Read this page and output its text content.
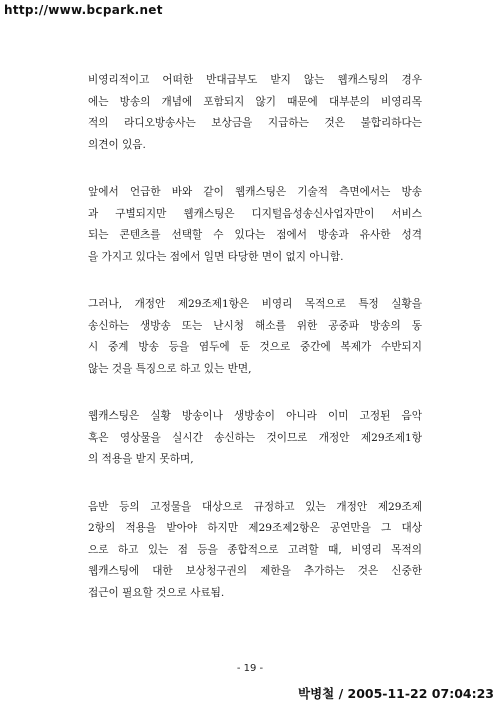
http://www.bcpark.net
비영리적이고 어떠한 반대급부도 받지 않는 웹캐스팅의 경우
에는 방송의 개념에 포함되지 않기 때문에 대부분의 비영리목
적의 라디오방송사는 보상금을 지급하는 것은 불합리하다는
의견이 있음.
앞에서 언급한 바와 같이 웹캐스팅은 기술적 측면에서는 방송
과 구별되지만 웹캐스팅은 디지털음성송신사업자만이 서비스
되는 콘텐츠를 선택할 수 있다는 점에서 방송과 유사한 성격
을 가지고 있다는 점에서 일면 타당한 면이 없지 아니함.
그러나, 개정안 제29조제1항은 비영리 목적으로 특정 실황을
송신하는 생방송 또는 난시청 해소를 위한 공중파 방송의 동
시 중계 방송 등을 염두에 둔 것으로 중간에 복제가 수반되지
않는 것을 특징으로 하고 있는 반면,
웹캐스팅은 실황 방송이나 생방송이 아니라 이미 고정된 음악
혹은 영상물을 실시간 송신하는 것이므로 개정안 제29조제1항
의 적용을 받지 못하며,
음반 등의 고정물을 대상으로 규정하고 있는 개정안 제29조제
2항의 적용을 받아야 하지만 제29조제2항은 공연만을 그 대상
으로 하고 있는 점 등을 종합적으로 고려할 때, 비영리 목적의
웹캐스팅에 대한 보상청구권의 제한을 추가하는 것은 신중한
접근이 필요할 것으로 사료됨.
- 19 -
박병철 / 2005-11-22 07:04:23
